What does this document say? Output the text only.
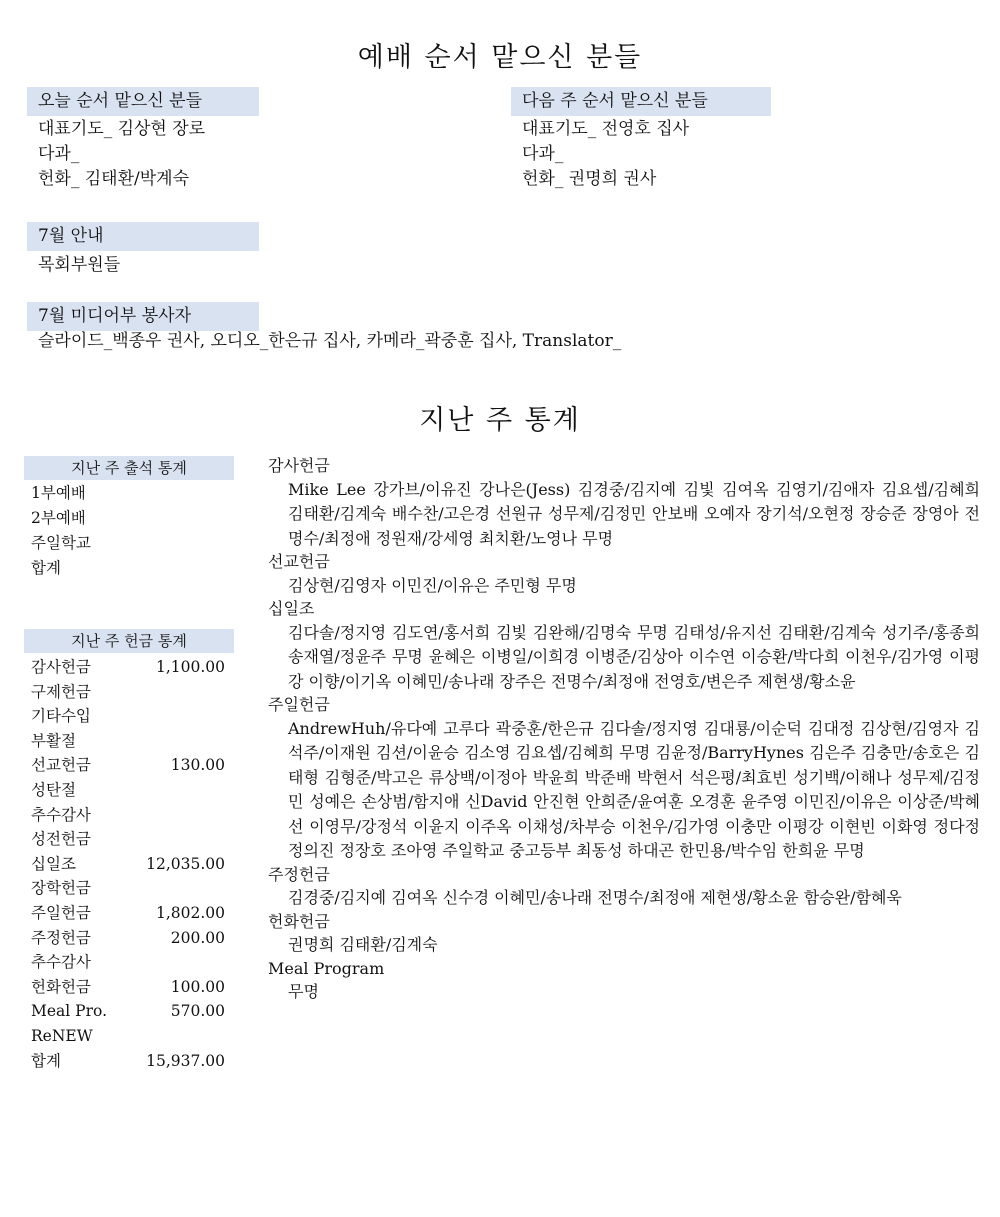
예배 순서 맡으신 분들
오늘 순서 맡으신 분들
대표기도_ 김상현 장로
다과_
헌화_ 김태환/박계숙
다음 주 순서 맡으신 분들
대표기도_ 전영호 집사
다과_
헌화_ 권명희 권사
7월 안내
목회부원들
7월 미디어부 봉사자
슬라이드_백종우 권사, 오디오_한은규 집사, 카메라_곽중훈 집사, Translator_
지난 주 통계
지난 주 출석 통계
1부예배
2부예배
주일학교
합계
지난 주 헌금 통계
감사헌금	1,100.00
구제헌금
기타수입
부활절
선교헌금	130.00
성탄절
추수감사
성전헌금
십일조	12,035.00
장학헌금
주일헌금	1,802.00
주정헌금	200.00
추수감사
헌화헌금	100.00
Meal Pro.	570.00
ReNEW
합계	15,937.00
감사헌금
Mike Lee 강가브/이유진 강나은(Jess) 김경중/김지예 김빛 김여옥 김영기/김애자 김요셉/김혜희 김태환/김계숙 배수찬/고은경 선원규 성무제/김정민 안보배 오예자 장기석/오현정 장승준 장영아 전명수/최정애 정원재/강세영 최치환/노영나 무명
선교헌금
김상현/김영자 이민진/이유은 주민형 무명
십일조
김다솔/정지영 김도연/홍서희 김빛 김완해/김명숙 무명 김태성/유지선 김태환/김계숙 성기주/홍종희 송재열/정윤주 무명 윤혜은 이병일/이희경 이병준/김상아 이수연 이승환/박다희 이천우/김가영 이평강 이향/이기옥 이혜민/송나래 장주은 전명수/최정애 전영호/변은주 제현생/황소윤
주일헌금
AndrewHuh/유다예 고루다 곽중훈/한은규 김다솔/정지영 김대룡/이순덕 김대정 김상현/김영자 김석주/이재원 김션/이윤승 김소영 김요셉/김혜희 무명 김윤정/BarryHynes 김은주 김충만/송호은 김태형 김형준/박고은 류상백/이정아 박윤희 박준배 박현서 석은평/최효빈 성기백/이해나 성무제/김정민 성예은 손상범/함지애 신David 안진현 안희준/윤여훈 오경훈 윤주영 이민진/이유은 이상준/박혜선 이영무/강정석 이윤지 이주옥 이채성/차부승 이천우/김가영 이충만 이평강 이현빈 이화영 정다정 정의진 정장호 조아영 주일학교 중고등부 최동성 하대곤 한민용/박수임 한희윤 무명
주정헌금
김경중/김지예 김여옥 신수경 이혜민/송나래 전명수/최정애 제현생/황소윤 함승완/함혜욱
헌화헌금
권명희 김태환/김계숙
Meal Program
무명
